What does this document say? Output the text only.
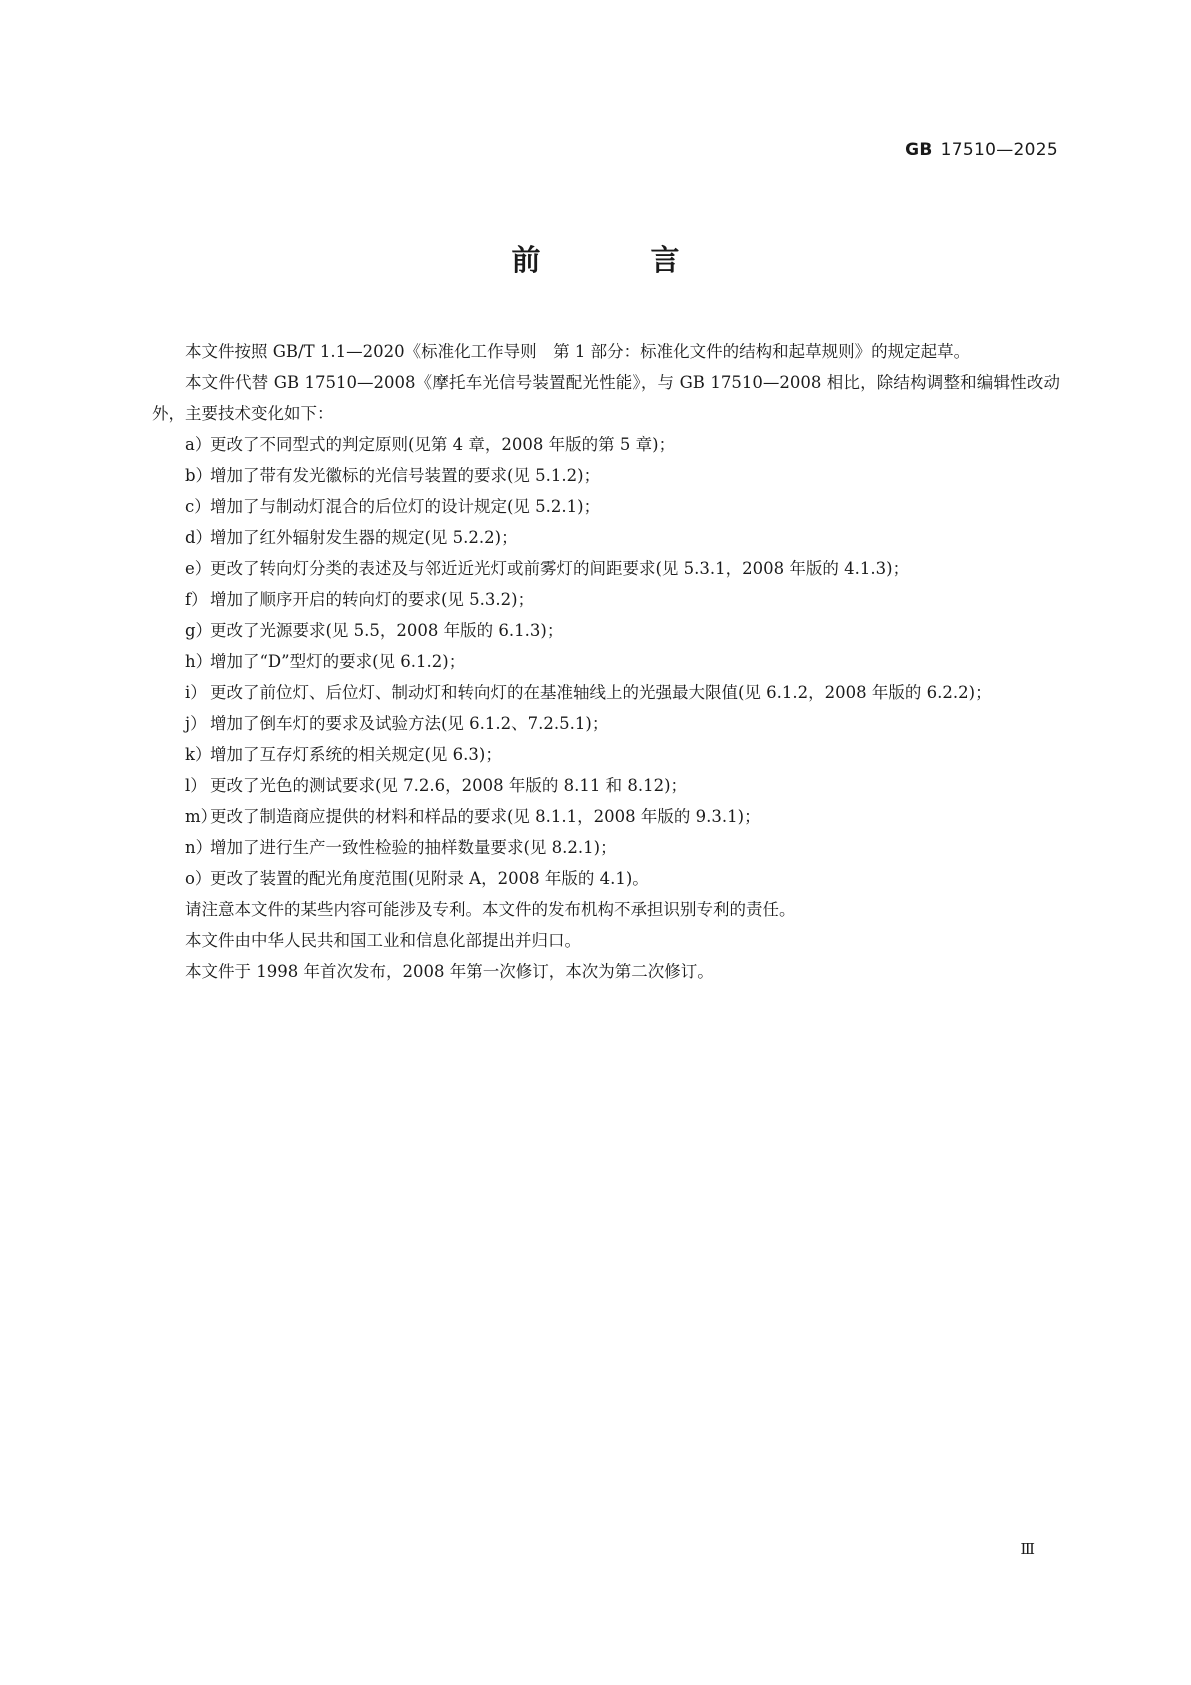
GB 17510—2025
前 言

本文件按照 GB/T 1.1—2020《标准化工作导则　第 1 部分：标准化文件的结构和起草规则》的规定起草。

本文件代替 GB 17510—2008《摩托车光信号装置配光性能》，与 GB 17510—2008 相比，除结构调整和编辑性改动外，主要技术变化如下：

a）
更改了不同型式的判定原则(见第 4 章，2008 年版的第 5 章)；

b）
增加了带有发光徽标的光信号装置的要求(见 5.1.2)；

c） 增加了与制动灯混合的后位灯的设计规定(见 5.2.1)；

d）
增加了红外辐射发生器的规定(见 5.2.2)；

e）
更改了转向灯分类的表述及与邻近近光灯或前雾灯的间距要求(见 5.3.1，2008 年版的 4.1.3)；

f） 增加了顺序开启的转向灯的要求(见 5.3.2)；

g）
更改了光源要求(见 5.5，2008 年版的 6.1.3)；

h）
增加了“D”型灯的要求(见 6.1.2)；

i） 更改了前位灯、后位灯、制动灯和转向灯的在基准轴线上的光强最大限值(见 6.1.2，2008 年版的 6.2.2)；

j） 增加了倒车灯的要求及试验方法(见 6.1.2、7.2.5.1)；

k）
增加了互存灯系统的相关规定(见 6.3)；

l） 更改了光色的测试要求(见 7.2.6，2008 年版的 8.11 和 8.12)；

m）
更改了制造商应提供的材料和样品的要求(见 8.1.1，2008 年版的 9.3.1)；

n）
增加了进行生产一致性检验的抽样数量要求(见 8.2.1)；

o）
更改了装置的配光角度范围(见附录 A，2008 年版的 4.1)。

请注意本文件的某些内容可能涉及专利。本文件的发布机构不承担识别专利的责任。

本文件由中华人民共和国工业和信息化部提出并归口。

本文件于 1998 年首次发布，2008 年第一次修订，本次为第二次修订。

Ⅲ
